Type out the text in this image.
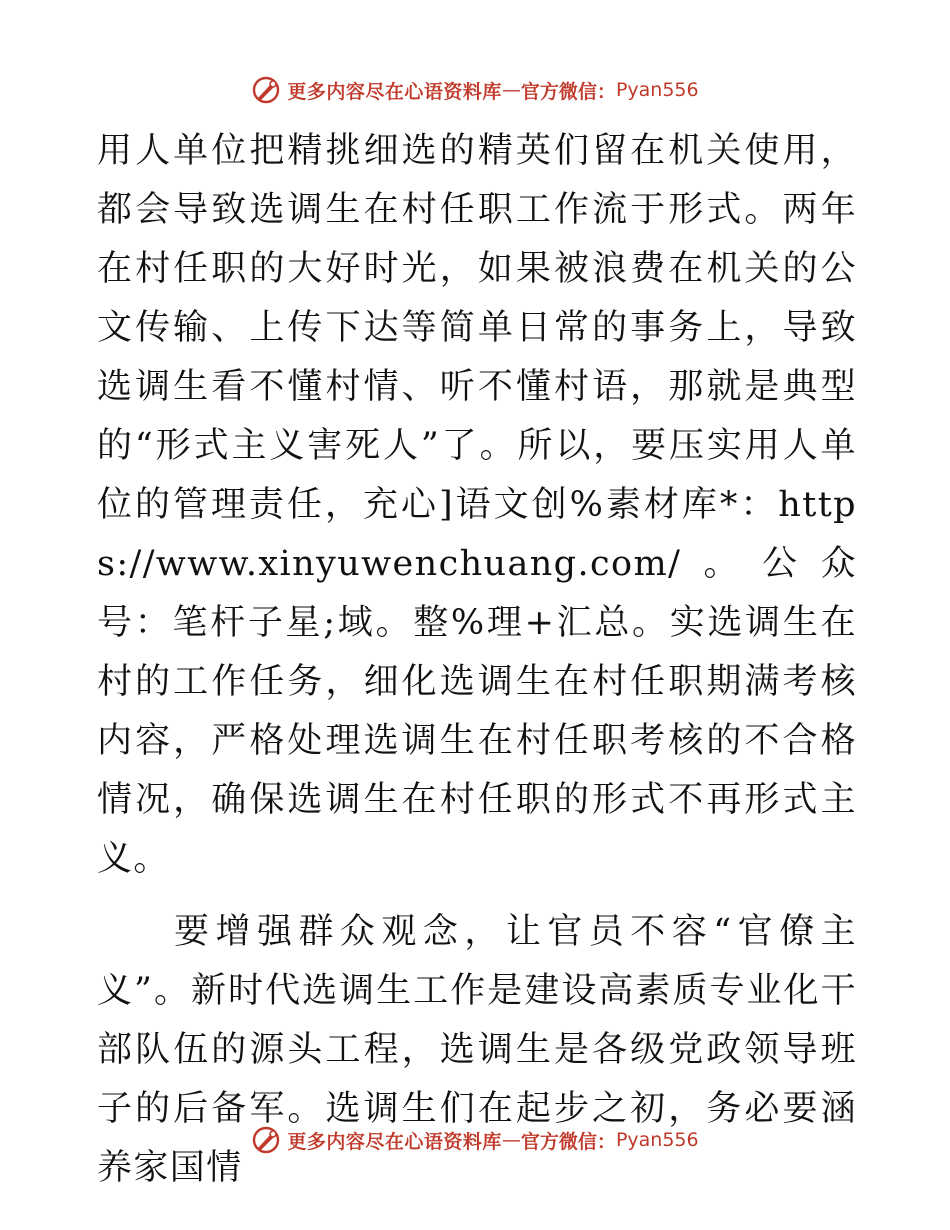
更多内容尽在心语资料库 — 官方微信： Pyan556

用人单位把精挑细选的精英们留在机关使用，都会导致选调生在村任职工作流于形式。两年在村任职的大好时光，如果被浪费在机关的公文传输、上传下达等简单日常的事务上，导致选调生看不懂村情、听不懂村语，那就是典型的“形式主义害死人”了。所以，要压实用人单位的管理责任，充心]语文创%素材库*：https://www.xinyuwenchuang.com/。公众号：笔杆子星;域。整%理+汇总。实选调生在村的工作任务，细化选调生在村任职期满考核内容，严格处理选调生在村任职考核的不合格情况，确保选调生在村任职的形式不再形式主义。

要增强群众观念，让官员不容“官僚主义”。新时代选调生工作是建设高素质专业化干部队伍的源头工程，选调生是各级党政领导班子的后备军。选调生们在起步之初，务必要涵养家国情

更多内容尽在心语资料库 — 官方微信： Pyan556
